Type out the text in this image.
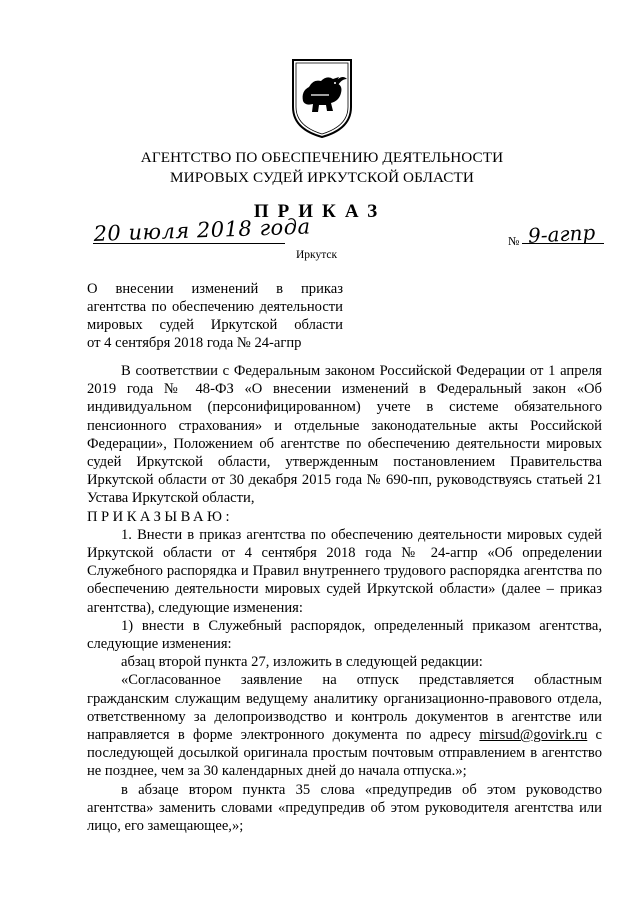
АГЕНТСТВО ПО ОБЕСПЕЧЕНИЮ ДЕЯТЕЛЬНОСТИ
МИРОВЫХ СУДЕЙ ИРКУТСКОЙ ОБЛАСТИ
ПРИКАЗ
20 июля 2018 года
Иркутск
№ 9-агпр
О внесении изменений в приказ
агентства по обеспечению деятельности
мировых судей Иркутской области
от 4 сентября 2018 года № 24-агпр

В соответствии с Федеральным законом Российской Федерации от 1 апреля 2019 года № 48-ФЗ «О внесении изменений в Федеральный закон «Об индивидуальном (персонифицированном) учете в системе обязательного пенсионного страхования» и отдельные законодательные акты Российской Федерации», Положением об агентстве по обеспечению деятельности мировых судей Иркутской области, утвержденным постановлением Правительства Иркутской области от 30 декабря 2015 года № 690-пп, руководствуясь статьей 21 Устава Иркутской области,

ПРИКАЗЫВАЮ:

1. Внести в приказ агентства по обеспечению деятельности мировых судей Иркутской области от 4 сентября 2018 года № 24-агпр «Об определении Служебного распорядка и Правил внутреннего трудового распорядка агентства по обеспечению деятельности мировых судей Иркутской области» (далее – приказ агентства), следующие изменения:

1) внести в Служебный распорядок, определенный приказом агентства, следующие изменения:

абзац второй пункта 27, изложить в следующей редакции:

«Согласованное заявление на отпуск представляется областным гражданским служащим ведущему аналитику организационно-правового отдела, ответственному за делопроизводство и контроль документов в агентстве или направляется в форме электронного документа по адресу mirsud@govirk.ru с последующей досылкой оригинала простым почтовым отправлением в агентство не позднее, чем за 30 календарных дней до начала отпуска.»;

в абзаце втором пункта 35 слова «предупредив об этом руководство агентства» заменить словами «предупредив об этом руководителя агентства или лицо, его замещающее,»;
